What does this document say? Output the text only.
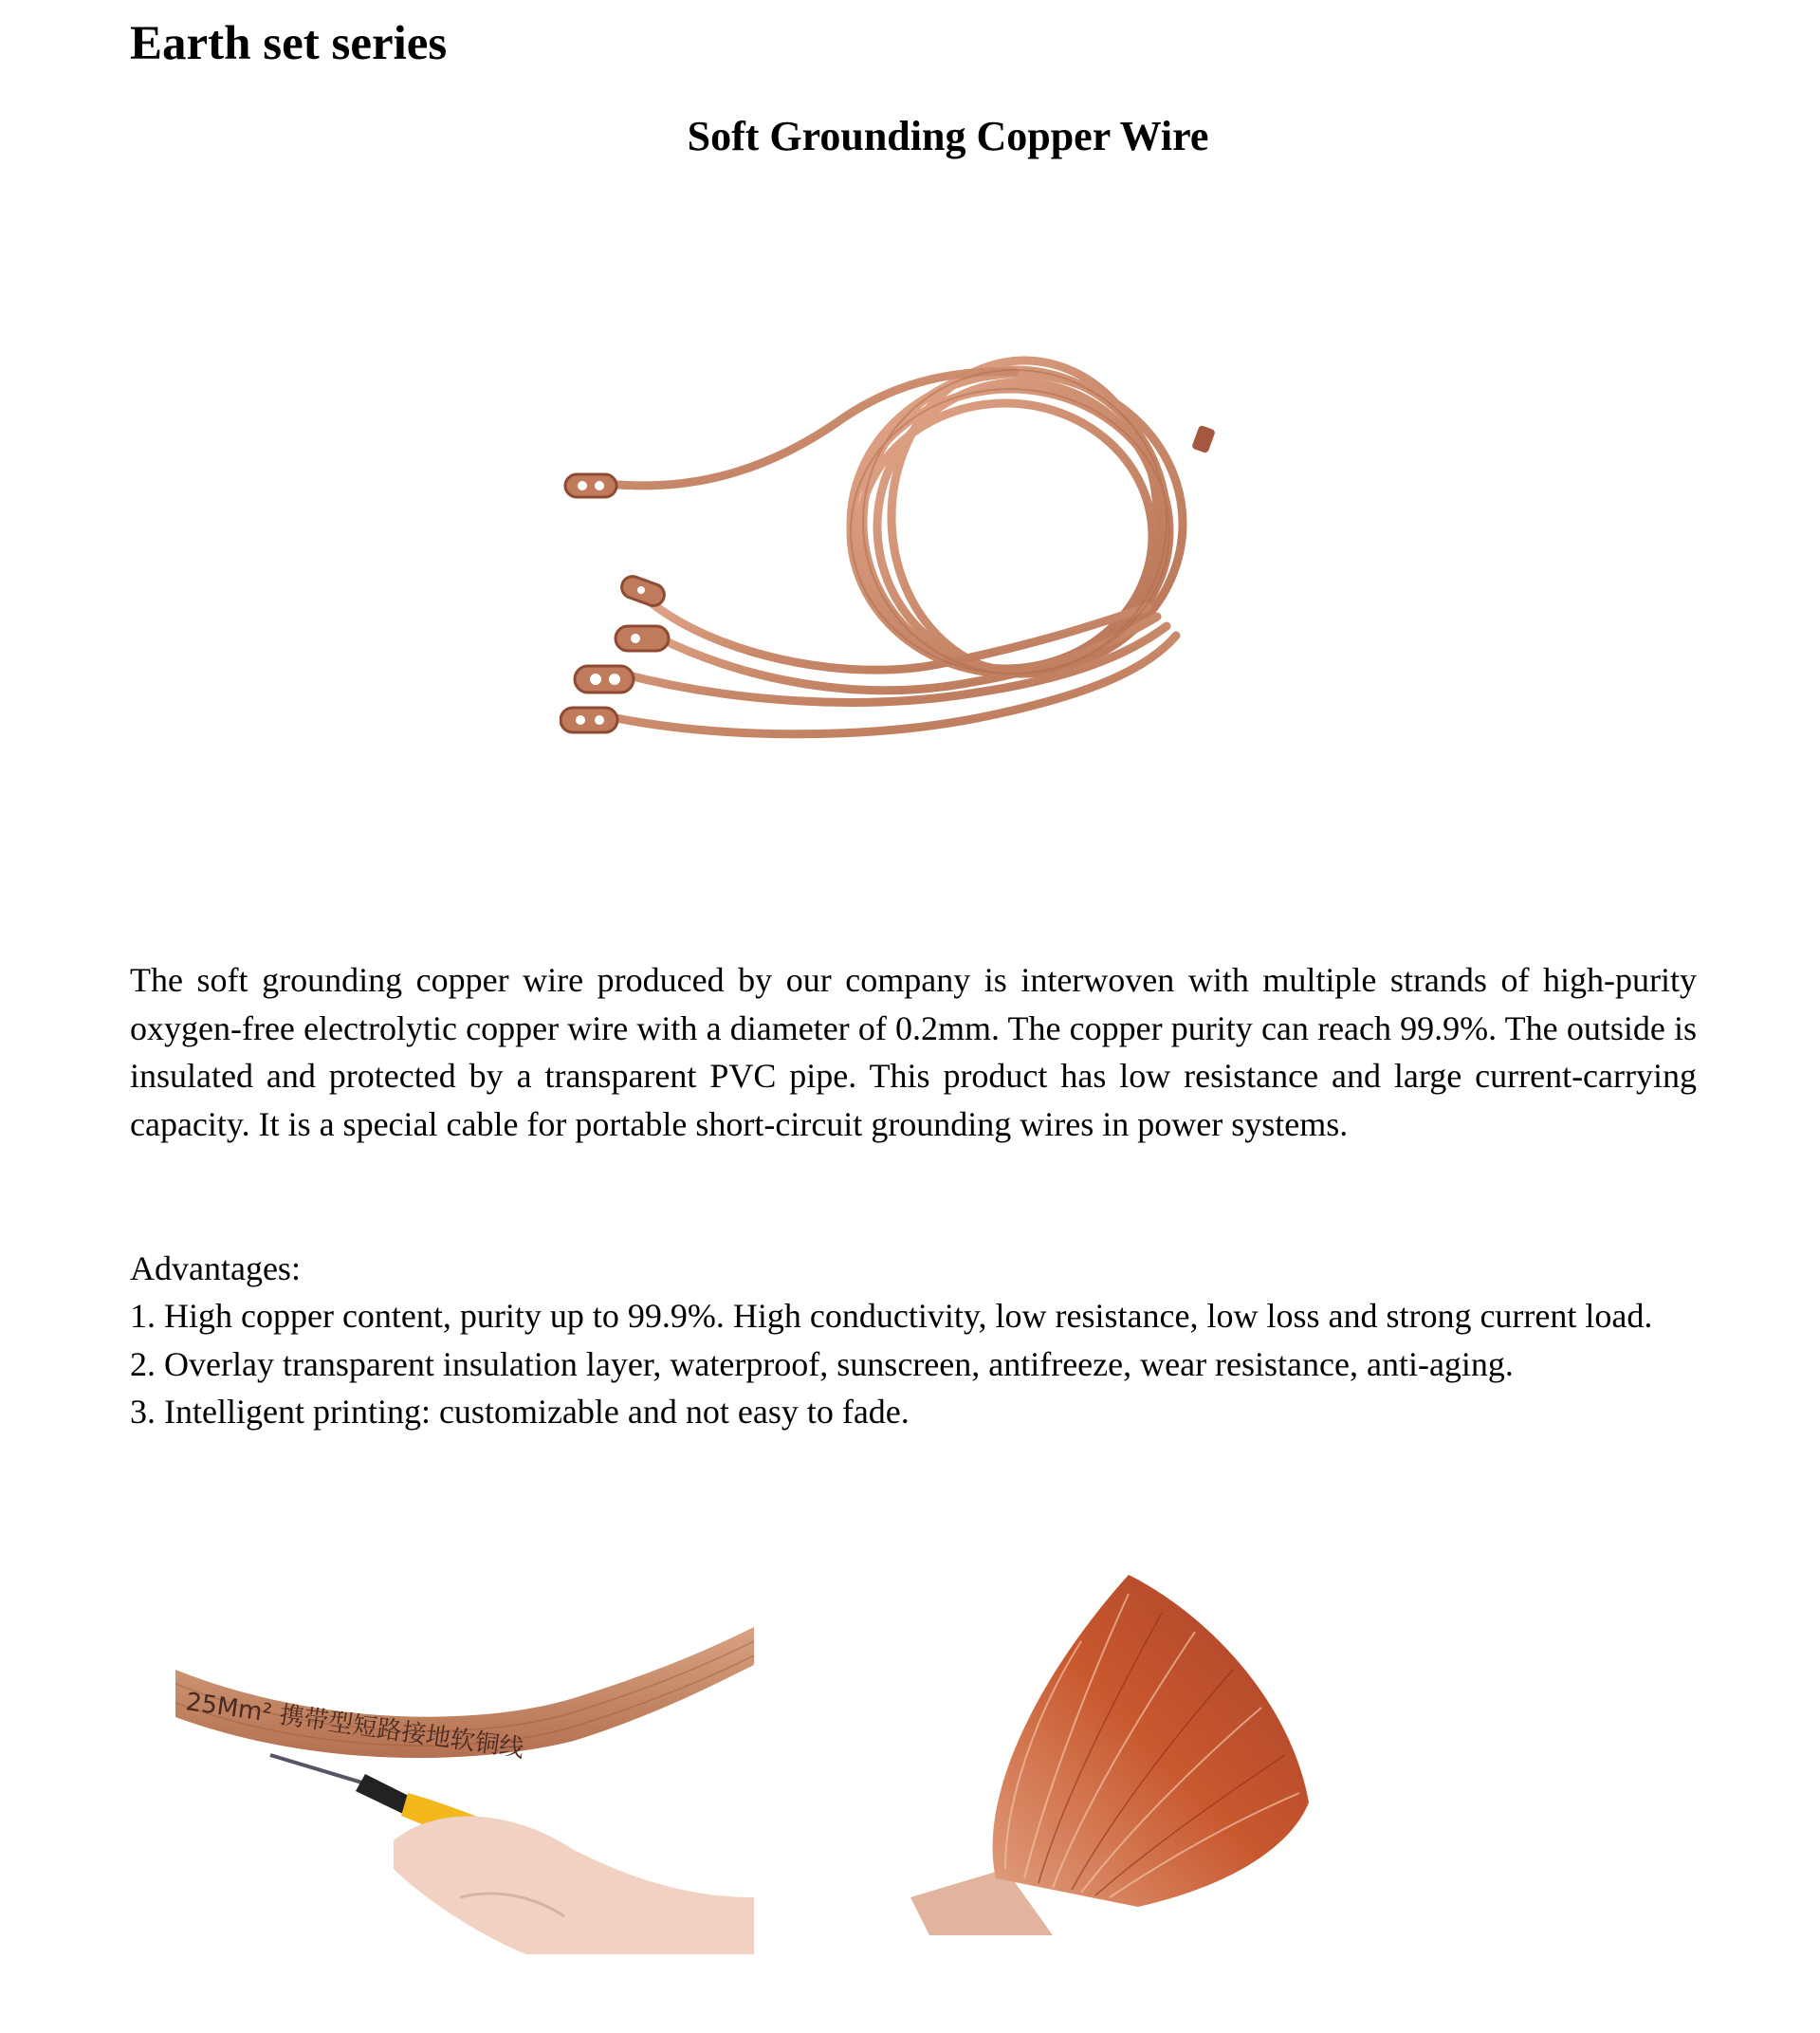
Earth set series
Soft Grounding Copper Wire

The soft grounding copper wire produced by our company is interwoven with multiple strands of high-purity oxygen-free electrolytic copper wire with a diameter of 0.2mm. The copper purity can reach 99.9%. The outside is insulated and protected by a transparent PVC pipe. This product has low resistance and large current-carrying capacity. It is a special cable for portable short-circuit grounding wires in power systems.

Advantages:

1. High copper content, purity up to 99.9%. High conductivity, low resistance, low loss and strong current load.
2. Overlay transparent insulation layer, waterproof, sunscreen, antifreeze, wear resistance, anti-aging.
3. Intelligent printing: customizable and not easy to fade.
25Mm² 携带型短路接地软铜线
